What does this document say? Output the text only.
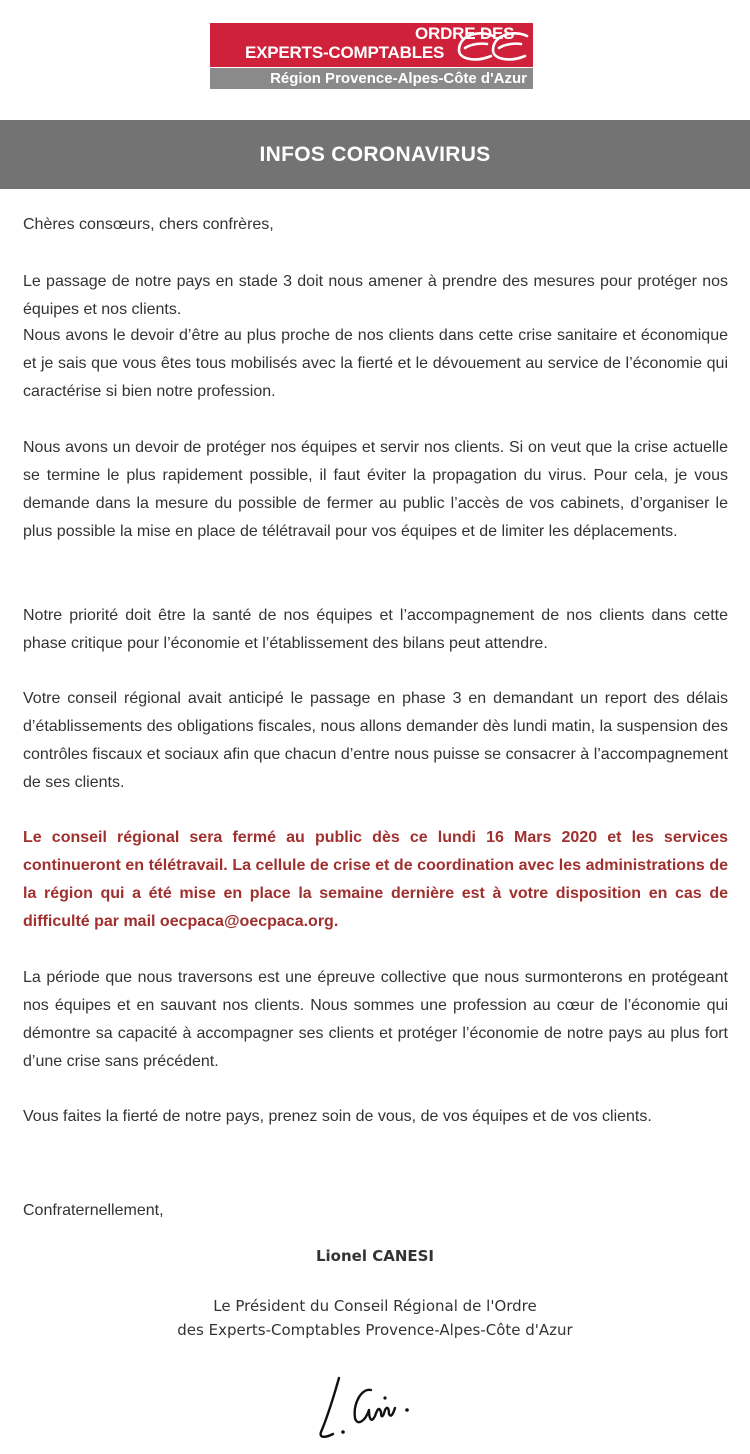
ORDRE DES
EXPERTS-COMPTABLES
Région Provence-Alpes-Côte d'Azur
INFOS CORONAVIRUS

Chères consœurs, chers confrères,

Le passage de notre pays en stade 3 doit nous amener à prendre des mesures pour protéger nos équipes et nos clients.

Nous avons le devoir d’être au plus proche de nos clients dans cette crise sanitaire et économique et je sais que vous êtes tous mobilisés avec la fierté et le dévouement au service de l’économie qui caractérise si bien notre profession.

Nous avons un devoir de protéger nos équipes et servir nos clients. Si on veut que la crise actuelle se termine le plus rapidement possible, il faut éviter la propagation du virus. Pour cela, je vous demande dans la mesure du possible de fermer au public l’accès de vos cabinets, d’organiser le plus possible la mise en place de télétravail pour vos équipes et de limiter les déplacements.

Notre priorité doit être la santé de nos équipes et l’accompagnement de nos clients dans cette phase critique pour l’économie et l’établissement des bilans peut attendre.

Votre conseil régional avait anticipé le passage en phase 3 en demandant un report des délais d’établissements des obligations fiscales, nous allons demander dès lundi matin, la suspension des contrôles fiscaux et sociaux afin que chacun d’entre nous puisse se consacrer à l’accompagnement de ses clients.

Le conseil régional sera fermé au public dès ce lundi 16 Mars 2020 et les services continueront en télétravail. La cellule de crise et de coordination avec les administrations de la région qui a été mise en place la semaine dernière est à votre disposition en cas de difficulté par mail oecpaca@oecpaca.org.

La période que nous traversons est une épreuve collective que nous surmonterons en protégeant nos équipes et en sauvant nos clients. Nous sommes une profession au cœur de l’économie qui démontre sa capacité à accompagner ses clients et protéger l’économie de notre pays au plus fort d’une crise sans précédent.

Vous faites la fierté de notre pays, prenez soin de vous, de vos équipes et de vos clients.

Confraternellement,

Lionel CANESI

Le Président du Conseil Régional de l'Ordre

des Experts-Comptables Provence-Alpes-Côte d'Azur
